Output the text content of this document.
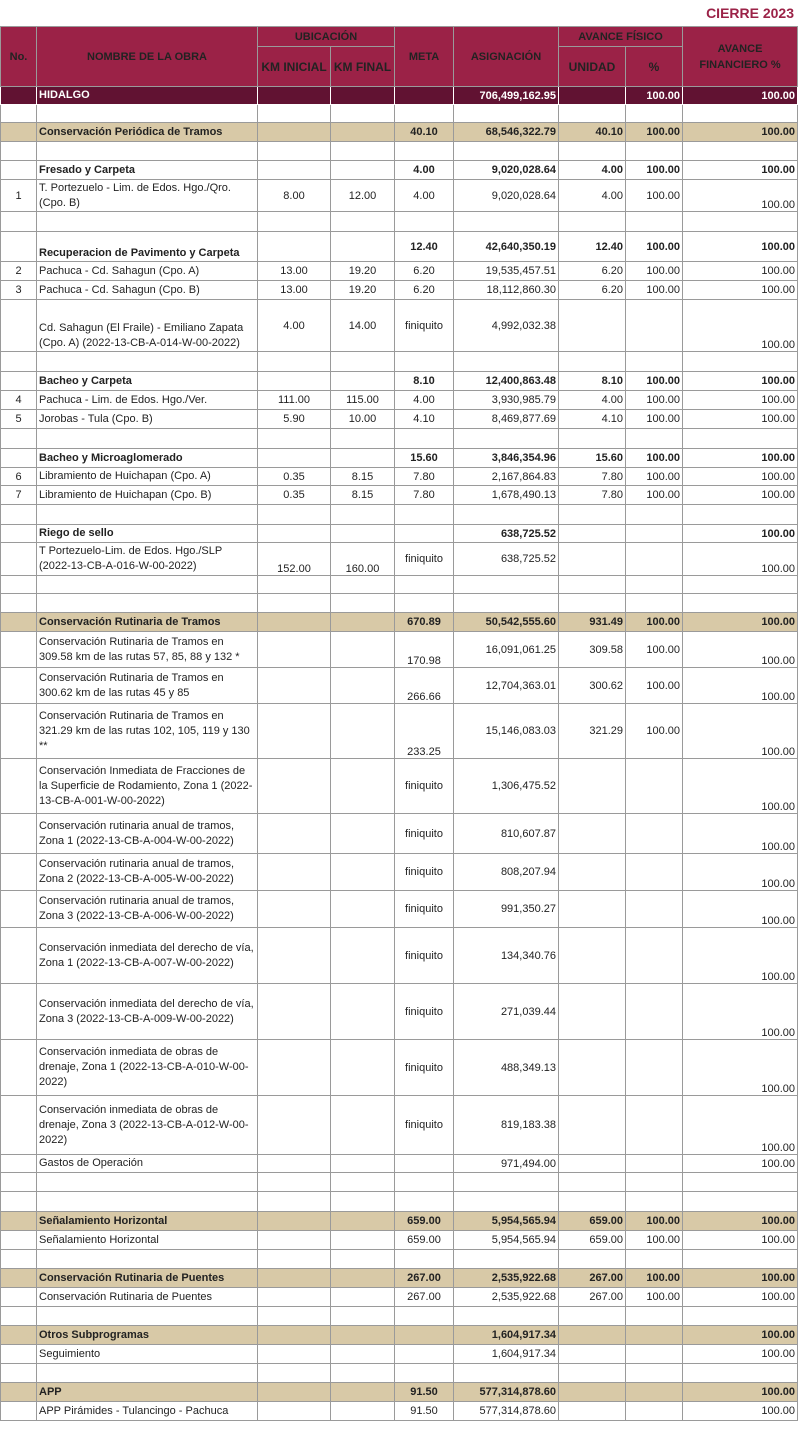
CIERRE 2023
No.	NOMBRE DE LA OBRA	UBICACIÓN		META	ASIGNACIÓN	AVANCE FÍSICO		AVANCE FINANCIERO %
		KM INICIAL	KM FINAL			UNIDAD	%	
	HIDALGO				706,499,162.95		100.00	100.00

	Conservación Periódica de Tramos			40.10	68,546,322.79	40.10	100.00	100.00

	Fresado y Carpeta			4.00	9,020,028.64	4.00	100.00	100.00
1	T. Portezuelo - Lim. de Edos. Hgo./Qro. (Cpo. B)	8.00	12.00	4.00	9,020,028.64	4.00	100.00	100.00

	Recuperacion de Pavimento y Carpeta			12.40	42,640,350.19	12.40	100.00	100.00
2	Pachuca - Cd. Sahagun (Cpo. A)	13.00	19.20	6.20	19,535,457.51	6.20	100.00	100.00
3	Pachuca - Cd. Sahagun (Cpo. B)	13.00	19.20	6.20	18,112,860.30	6.20	100.00	100.00
	Cd. Sahagun (El Fraile) - Emiliano Zapata (Cpo. A) (2022-13-CB-A-014-W-00-2022)	4.00	14.00	finiquito	4,992,032.38			100.00

	Bacheo y Carpeta			8.10	12,400,863.48	8.10	100.00	100.00
4	Pachuca - Lim. de Edos. Hgo./Ver.	111.00	115.00	4.00	3,930,985.79	4.00	100.00	100.00
5	Jorobas - Tula (Cpo. B)	5.90	10.00	4.10	8,469,877.69	4.10	100.00	100.00

	Bacheo y Microaglomerado			15.60	3,846,354.96	15.60	100.00	100.00
6	Libramiento de Huichapan (Cpo. A)	0.35	8.15	7.80	2,167,864.83	7.80	100.00	100.00
7	Libramiento de Huichapan (Cpo. B)	0.35	8.15	7.80	1,678,490.13	7.80	100.00	100.00

	Riego de sello				638,725.52			100.00
	T Portezuelo-Lim. de Edos. Hgo./SLP (2022-13-CB-A-016-W-00-2022)	152.00	160.00	finiquito	638,725.52			100.00

	Conservación Rutinaria de Tramos			670.89	50,542,555.60	931.49	100.00	100.00
	Conservación Rutinaria de Tramos en 309.58 km de las rutas 57, 85, 88 y 132 *			170.98	16,091,061.25	309.58	100.00	100.00
	Conservación Rutinaria de Tramos en 300.62 km de las rutas 45 y 85			266.66	12,704,363.01	300.62	100.00	100.00
	Conservación Rutinaria de Tramos en 321.29 km de las rutas 102, 105, 119 y 130 **			233.25	15,146,083.03	321.29	100.00	100.00
	Conservación Inmediata de Fracciones de la Superficie de Rodamiento, Zona 1 (2022-13-CB-A-001-W-00-2022)			finiquito	1,306,475.52			100.00
	Conservación rutinaria anual de tramos, Zona 1 (2022-13-CB-A-004-W-00-2022)			finiquito	810,607.87			100.00
	Conservación rutinaria anual de tramos, Zona 2 (2022-13-CB-A-005-W-00-2022)			finiquito	808,207.94			100.00
	Conservación rutinaria anual de tramos, Zona 3 (2022-13-CB-A-006-W-00-2022)			finiquito	991,350.27			100.00
	Conservación inmediata del derecho de vía, Zona 1 (2022-13-CB-A-007-W-00-2022)			finiquito	134,340.76			100.00
	Conservación inmediata del derecho de vía, Zona 3 (2022-13-CB-A-009-W-00-2022)			finiquito	271,039.44			100.00
	Conservación inmediata de obras de drenaje, Zona 1 (2022-13-CB-A-010-W-00-2022)			finiquito	488,349.13			100.00
	Conservación inmediata de obras de drenaje, Zona 3 (2022-13-CB-A-012-W-00-2022)			finiquito	819,183.38			100.00
	Gastos de Operación				971,494.00			100.00

	Señalamiento Horizontal			659.00	5,954,565.94	659.00	100.00	100.00
	Señalamiento Horizontal			659.00	5,954,565.94	659.00	100.00	100.00

	Conservación Rutinaria de Puentes			267.00	2,535,922.68	267.00	100.00	100.00
	Conservación Rutinaria de Puentes			267.00	2,535,922.68	267.00	100.00	100.00

	Otros Subprogramas				1,604,917.34			100.00
	Seguimiento				1,604,917.34			100.00

	APP			91.50	577,314,878.60			100.00
	APP Pirámides - Tulancingo - Pachuca			91.50	577,314,878.60			100.00
